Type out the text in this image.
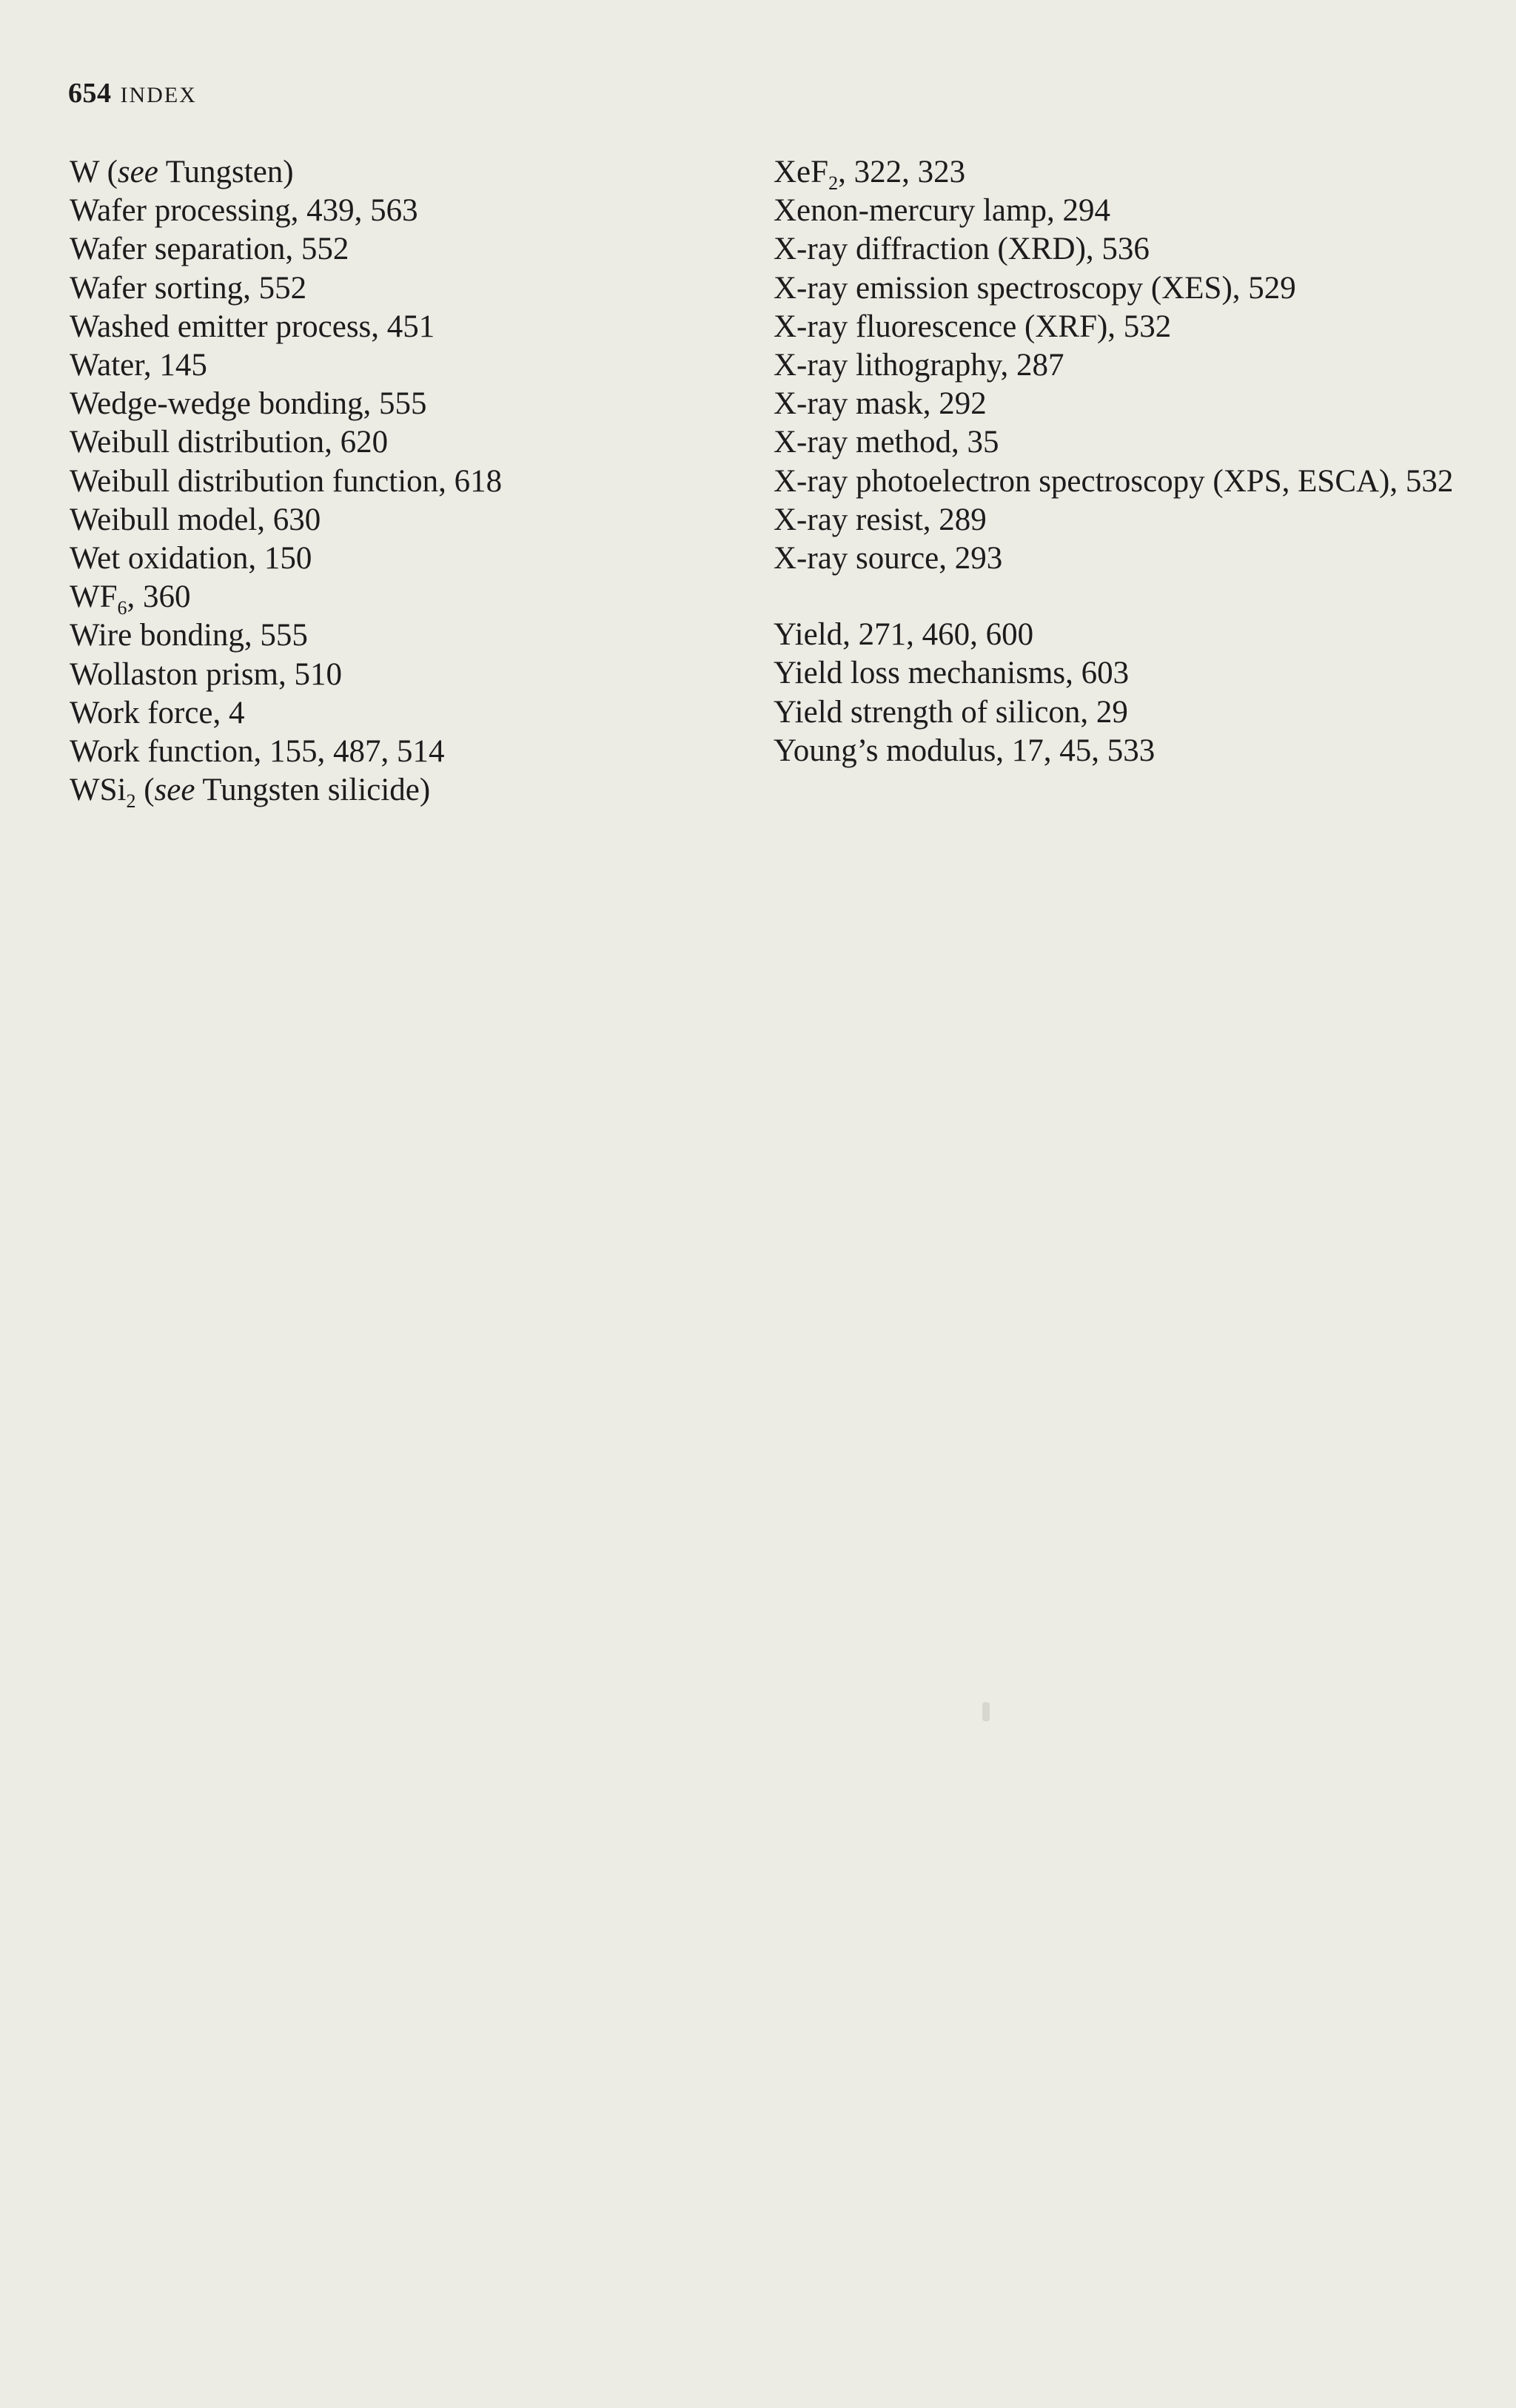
654 INDEX
W (see Tungsten)
Wafer processing, 439, 563
Wafer separation, 552
Wafer sorting, 552
Washed emitter process, 451
Water, 145
Wedge-wedge bonding, 555
Weibull distribution, 620
Weibull distribution function, 618
Weibull model, 630
Wet oxidation, 150
$WF_6$, 360
Wire bonding, 555
Wollaston prism, 510
Work force, 4
Work function, 155, 487, 514
WSi$_2$ (see Tungsten silicide)
XeF$_2$, 322, 323
Xenon-mercury lamp, 294
X-ray diffraction (XRD), 536
X-ray emission spectroscopy (XES), 529
X-ray fluorescence (XRF), 532
X-ray lithography, 287
X-ray mask, 292
X-ray method, 35
X-ray photoelectron spectroscopy (XPS, ESCA), 532
X-ray resist, 289
X-ray source, 293
Yield, 271, 460, 600
Yield loss mechanisms, 603
Yield strength of silicon, 29
Young’s modulus, 17, 45, 533
